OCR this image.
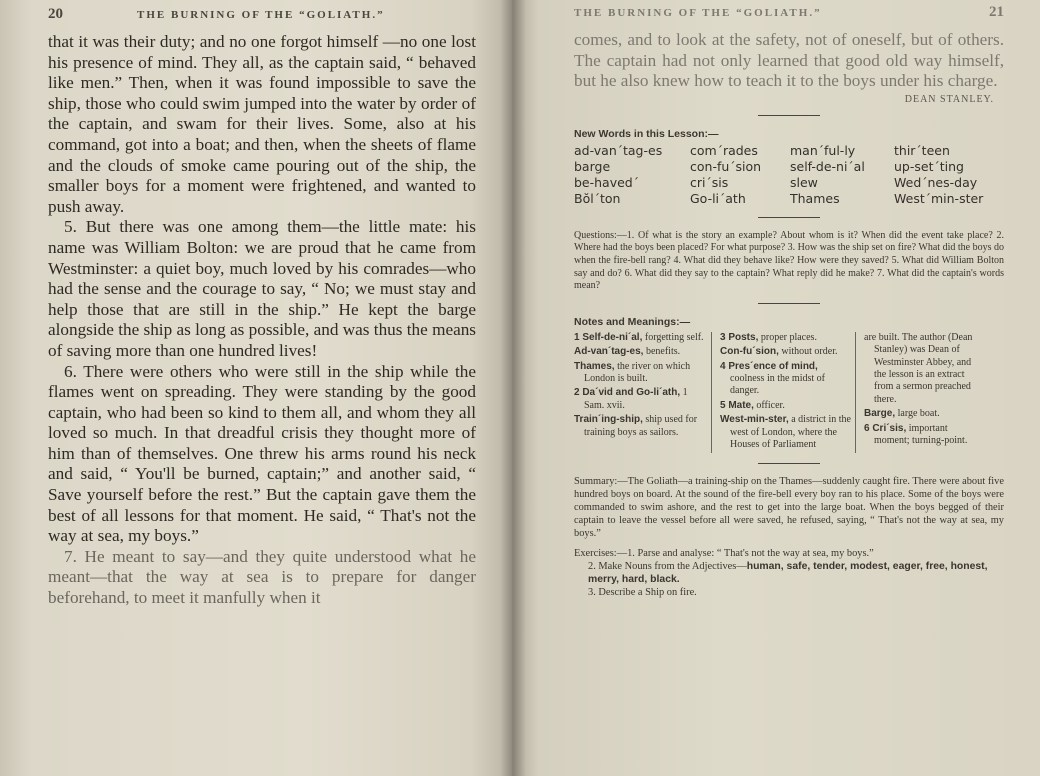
20	THE BURNING OF THE “GOLIATH.”

that it was their duty; and no one forgot himself —no one lost his presence of mind. They all, as the captain said, “ behaved like men.” Then, when it was found impossible to save the ship, those who could swim jumped into the water by order of the captain, and swam for their lives. Some, also at his command, got into a boat; and then, when the sheets of flame and the clouds of smoke came pouring out of the ship, the smaller boys for a moment were frightened, and wanted to push away.

5. But there was one among them—the little mate: his name was William Bolton: we are proud that he came from Westminster: a quiet boy, much loved by his comrades—who had the sense and the courage to say, “ No; we must stay and help those that are still in the ship.” He kept the barge alongside the ship as long as possible, and was thus the means of saving more than one hundred lives!

6. There were others who were still in the ship while the flames went on spreading. They were standing by the good captain, who had been so kind to them all, and whom they all loved so much. In that dreadful crisis they thought more of him than of themselves. One threw his arms round his neck and said, “ You'll be burned, captain;” and another said, “ Save yourself before the rest.” But the captain gave them the best of all lessons for that moment. He said, “ That's not the way at sea, my boys.”

7. He meant to say—and they quite understood what he meant—that the way at sea is to prepare for danger beforehand, to meet it manfully when it

THE BURNING OF THE “GOLIATH.”	21

comes, and to look at the safety, not of oneself, but of others. The captain had not only learned that good old way himself, but he also knew how to teach it to the boys under his charge.

DEAN STANLEY.
New Words in this Lesson:—
ad-van´tag-es	com´rades	man´ful-ly	thir´teen
barge	con-fu´sion	self-de-ni´al	up-set´ting
be-haved´	cri´sis	slew	Wed´nes-day
Bŏl´ton	Go-li´ath	Thames	West´min-ster
Questions:—1. Of what is the story an example? About whom is it? When did the event take place? 2. Where had the boys been placed? For what purpose? 3. How was the ship set on fire? What did the boys do when the fire-bell rang? 4. What did they behave like? How were they saved? 5. What did William Bolton say and do? 6. What did they say to the captain? What reply did he make? 7. What did the captain's words mean?
Notes and Meanings:—
1 Self-de-ni´al, forgetting self.
Ad-van´tag-es, benefits.
Thames, the river on which London is built.
2 Da´vid and Go-li´ath, 1 Sam. xvii.
Train´ing-ship, ship used for training boys as sailors.
3 Posts, proper places.
Con-fu´sion, without order.
4 Pres´ence of mind, coolness in the midst of danger.
5 Mate, officer.
West-min-ster, a district in the west of London, where the Houses of Parliament
are built. The author (Dean Stanley) was Dean of Westminster Abbey, and the lesson is an extract from a sermon preached there.
Barge, large boat.
6 Cri´sis, important moment; turning-point.
Summary:—The Goliath—a training-ship on the Thames—suddenly caught fire. There were about five hundred boys on board. At the sound of the fire-bell every boy ran to his place. Some of the boys were commanded to swim ashore, and the rest to get into the large boat. When the boys begged of their captain to leave the vessel before all were saved, he refused, saying, “ That's not the way at sea, my boys.”
Exercises:—1. Parse and analyse: “ That's not the way at sea, my boys.”
2. Make Nouns from the Adjectives—human, safe, tender, modest, eager, free, honest, merry, hard, black.
3. Describe a Ship on fire.
